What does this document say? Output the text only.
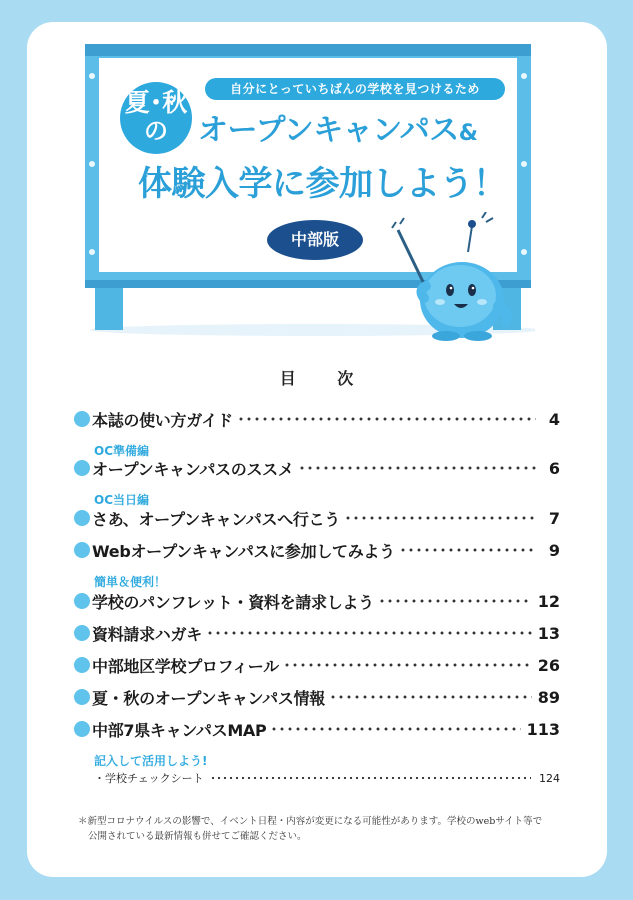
自分にとっていちばんの学校を見つけるため
夏･秋
の	オープンキャンパス&
体験入学に参加しよう！
中部版
目 次
本誌の使い方ガイド	4
OC準備編
オープンキャンパスのススメ	6
OC当日編
さあ、オープンキャンパスへ行こう	7
Webオープンキャンパスに参加してみよう	9
簡単＆便利！
学校のパンフレット・資料を請求しよう	12
資料請求ハガキ	13
中部地区学校プロフィール	26
夏・秋のオープンキャンパス情報	89
中部7県キャンパスMAP	113
記入して活用しよう!
・学校チェックシート	124
＊新型コロナウイルスの影響で、イベント日程・内容が変更になる可能性があります。学校のwebサイト等で
公開されている最新情報も併せてご確認ください。
